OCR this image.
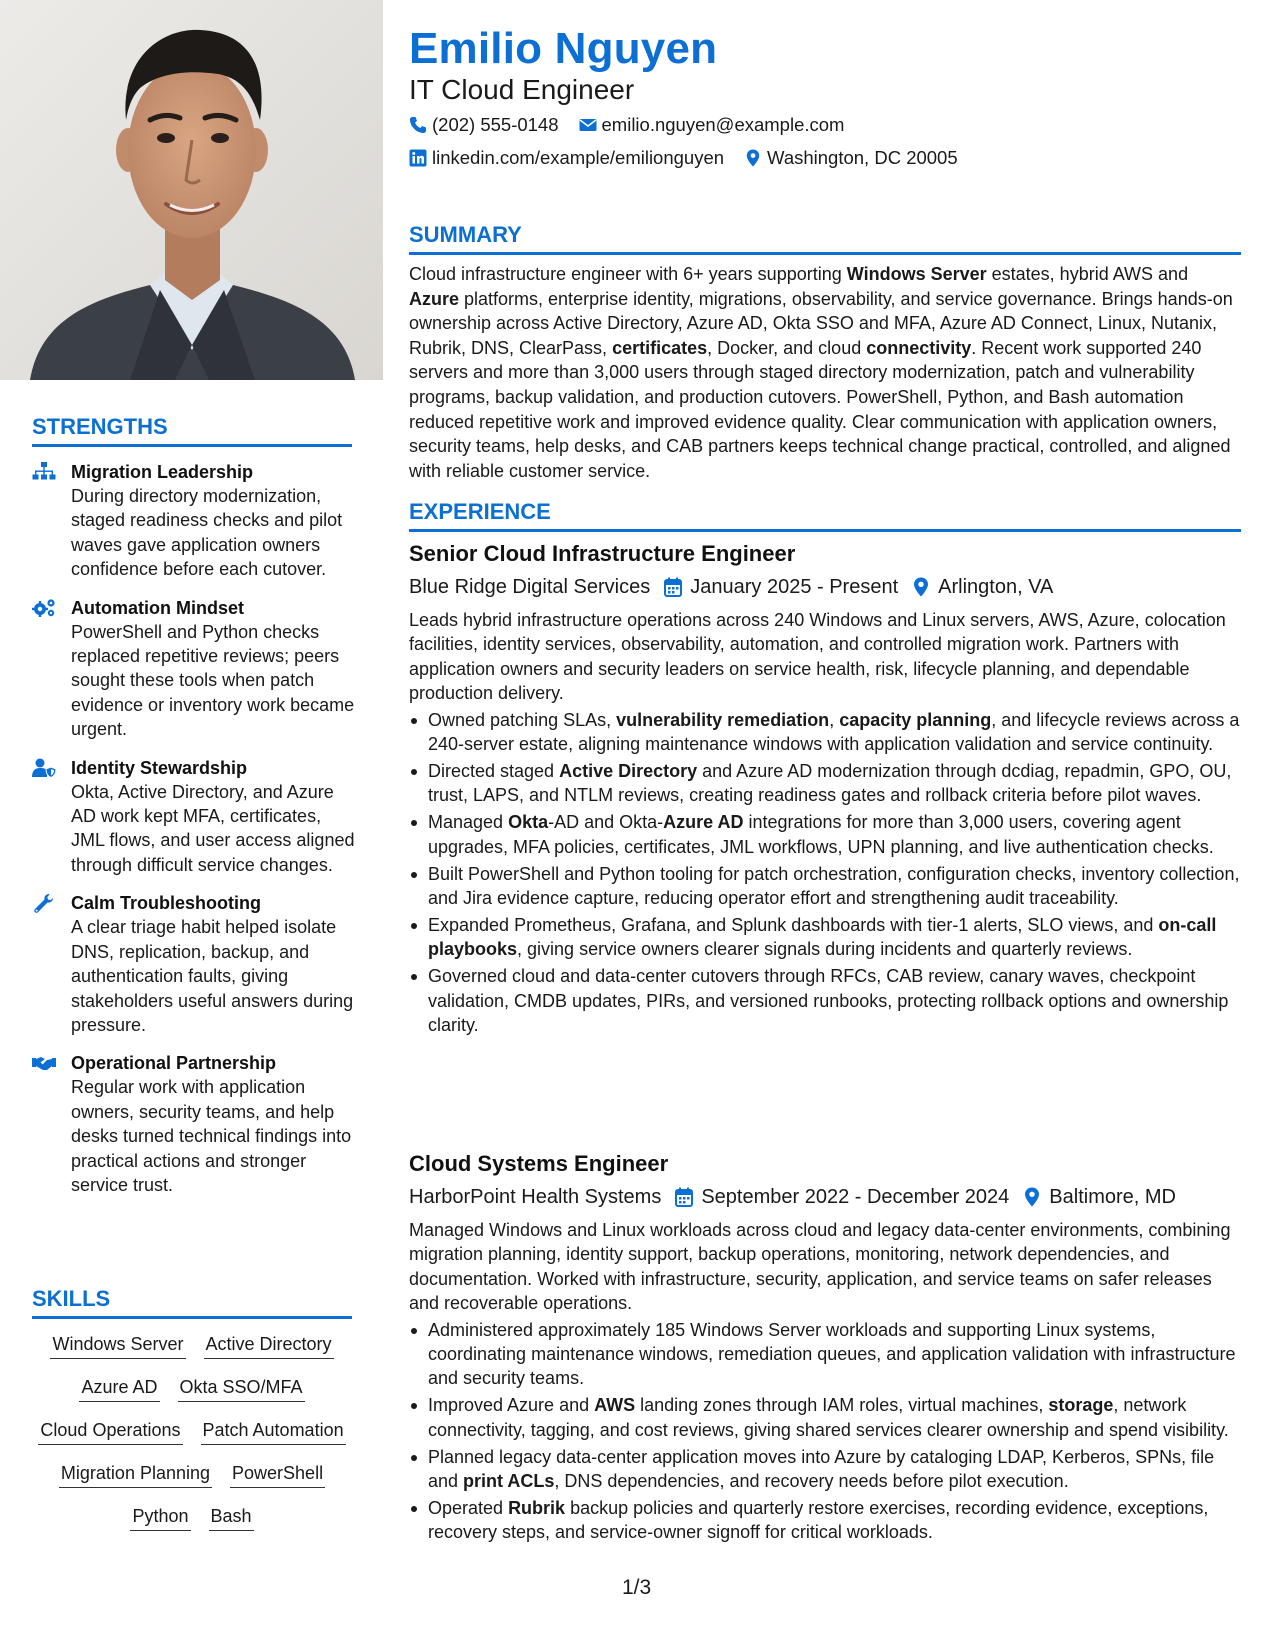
STRENGTHS
Migration Leadership
During directory modernization, staged readiness checks and pilot waves gave application owners confidence before each cutover.
Automation Mindset
PowerShell and Python checks replaced repetitive reviews; peers sought these tools when patch evidence or inventory work became urgent.
Identity Stewardship
Okta, Active Directory, and Azure AD work kept MFA, certificates, JML flows, and user access aligned through difficult service changes.
Calm Troubleshooting
A clear triage habit helped isolate DNS, replication, backup, and authentication faults, giving stakeholders useful answers during pressure.
Operational Partnership
Regular work with application owners, security teams, and help desks turned technical findings into practical actions and stronger service trust.
SKILLS
Windows Server Active Directory
Azure AD Okta SSO/MFA
Cloud Operations Patch Automation
Migration Planning PowerShell
Python Bash
Emilio Nguyen
IT Cloud Engineer
(202) 555-0148 emilio.nguyen@example.com
linkedin.com/example/emilionguyen Washington, DC 20005
SUMMARY
Cloud infrastructure engineer with 6+ years supporting Windows Server estates, hybrid AWS and Azure platforms, enterprise identity, migrations, observability, and service governance. Brings hands-on ownership across Active Directory, Azure AD, Okta SSO and MFA, Azure AD Connect, Linux, Nutanix, Rubrik, DNS, ClearPass, certificates, Docker, and cloud connectivity. Recent work supported 240 servers and more than 3,000 users through staged directory modernization, patch and vulnerability programs, backup validation, and production cutovers. PowerShell, Python, and Bash automation reduced repetitive work and improved evidence quality. Clear communication with application owners, security teams, help desks, and CAB partners keeps technical change practical, controlled, and aligned with reliable customer service.
EXPERIENCE
Senior Cloud Infrastructure Engineer
Blue Ridge Digital Services January 2025 - Present Arlington, VA
Leads hybrid infrastructure operations across 240 Windows and Linux servers, AWS, Azure, colocation facilities, identity services, observability, automation, and controlled migration work. Partners with application owners and security leaders on service health, risk, lifecycle planning, and dependable production delivery.
Owned patching SLAs, vulnerability remediation, capacity planning, and lifecycle reviews across a 240-server estate, aligning maintenance windows with application validation and service continuity.
Directed staged Active Directory and Azure AD modernization through dcdiag, repadmin, GPO, OU, trust, LAPS, and NTLM reviews, creating readiness gates and rollback criteria before pilot waves.
Managed Okta-AD and Okta-Azure AD integrations for more than 3,000 users, covering agent upgrades, MFA policies, certificates, JML workflows, UPN planning, and live authentication checks.
Built PowerShell and Python tooling for patch orchestration, configuration checks, inventory collection, and Jira evidence capture, reducing operator effort and strengthening audit traceability.
Expanded Prometheus, Grafana, and Splunk dashboards with tier-1 alerts, SLO views, and on-call playbooks, giving service owners clearer signals during incidents and quarterly reviews.
Governed cloud and data-center cutovers through RFCs, CAB review, canary waves, checkpoint validation, CMDB updates, PIRs, and versioned runbooks, protecting rollback options and ownership clarity.
Cloud Systems Engineer
HarborPoint Health Systems September 2022 - December 2024 Baltimore, MD
Managed Windows and Linux workloads across cloud and legacy data-center environments, combining migration planning, identity support, backup operations, monitoring, network dependencies, and documentation. Worked with infrastructure, security, application, and service teams on safer releases and recoverable operations.
Administered approximately 185 Windows Server workloads and supporting Linux systems, coordinating maintenance windows, remediation queues, and application validation with infrastructure and security teams.
Improved Azure and AWS landing zones through IAM roles, virtual machines, storage, network connectivity, tagging, and cost reviews, giving shared services clearer ownership and spend visibility.
Planned legacy data-center application moves into Azure by cataloging LDAP, Kerberos, SPNs, file and print ACLs, DNS dependencies, and recovery needs before pilot execution.
Operated Rubrik backup policies and quarterly restore exercises, recording evidence, exceptions, recovery steps, and service-owner signoff for critical workloads.
1/3
